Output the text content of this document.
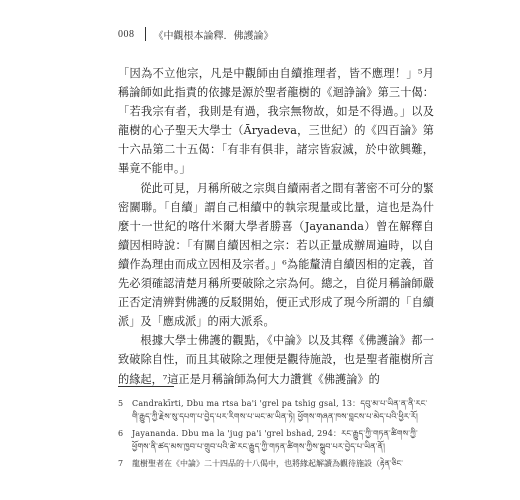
008 《中觀根本論釋．佛護論》

「因為不立他宗，凡是中觀師由自續推理者，皆不應理！」⁵月稱論師如此指責的依據是源於聖者龍樹的《迴諍論》第三十偈：「若我宗有者，我則是有過，我宗無物故，如是不得過。」以及龍樹的心子聖天大學士（Āryadeva，三世紀）的《四百論》第十六品第二十五偈：「有非有俱非，諸宗皆寂滅，於中欲興難，畢竟不能申。」

從此可見，月稱所破之宗與自續兩者之間有著密不可分的緊密關聯。「自續」謂自己相續中的執宗現量或比量，這也是為什麼十一世紀的喀什米爾大學者勝喜（Jayananda）曾在解釋自續因相時說：「有關自續因相之宗：若以正量成辦周遍時，以自續作為理由而成立因相及宗者。」⁶為能釐清自續因相的定義，首先必須確認清楚月稱所要破除之宗為何。總之，自從月稱論師嚴正否定清辨對佛護的反駁開始，便正式形成了現今所謂的「自續派」及「應成派」的兩大派系。

根據大學士佛護的觀點，《中論》以及其釋《佛護論》都一致破除自性，而且其破除之理便是觀待施設，也是聖者龍樹所言的緣起，⁷這正是月稱論師為何大力讚賞《佛護論》的

5	Candrakīrti, Dbu ma rtsa ba'i 'grel pa tshig gsal, 13：དབུ་མ་པ་ཡིན་ན་ནི་རང་གི་རྒྱུད་ཀྱི་རྗེས་སུ་དཔག་པ་བྱེད་པར་རིགས་པ་ཡང་མ་ཡིན་ཏེ། ཕྱོགས་གཞན་ཁས་བླངས་པ་མེད་པའི་ཕྱིར་རོ།
6	Jayananda. Dbu ma la 'jug pa'i 'grel bshad, 294：རང་རྒྱུད་ཀྱི་གཏན་ཚིགས་ཀྱི་ཕྱོགས་ནི་ཚད་མས་ཁྱབ་པ་གྲུབ་པའི་ཚེ་རང་རྒྱུད་ཀྱི་གཏན་ཚིགས་ཀྱིས་སྒྲུབ་པར་བྱེད་པ་ཡིན་ནོ།
7	龍樹聖者在《中論》二十四品的十八偈中，也將緣起解讀為觀待施設（རྟེན་ཅིང་
